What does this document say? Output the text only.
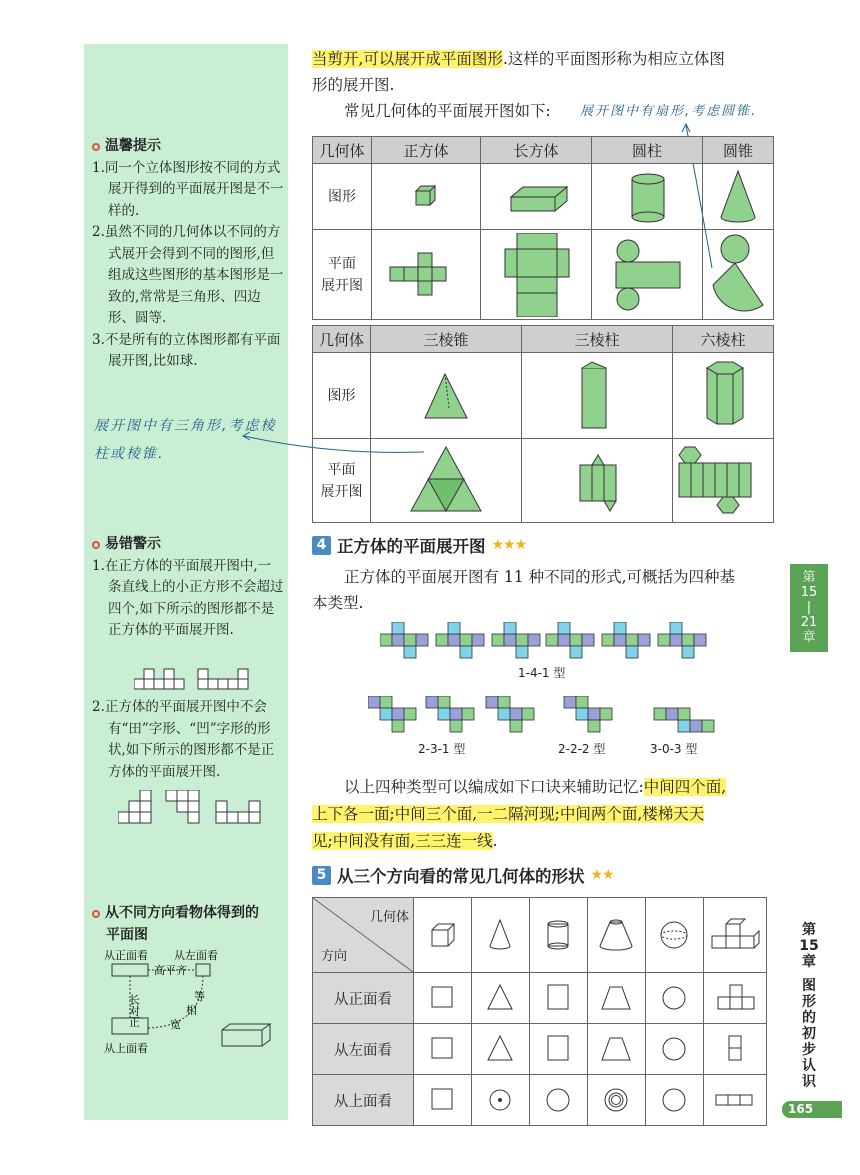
温馨提示
1.同一个立体图形按不同的方式展开得到的平面展开图是不一样的.
2.虽然不同的几何体以不同的方式展开会得到不同的图形,但组成这些图形的基本图形是一致的,常常是三角形、四边形、圆等.
3.不是所有的立体图形都有平面展开图,比如球.
展开图中有三角形,考虑棱柱或棱锥.
易错警示
1.在正方体的平面展开图中,一条直线上的小正方形不会超过四个,如下所示的图形都不是正方体的平面展开图.
2.正方体的平面展开图中不会有“田”字形、“凹”字形的形状,如下所示的图形都不是正方体的平面展开图.
从不同方向看物体得到的
平面图
从正面看 从左面看
高平齐
从上面看
长对正	等
相
宽
当剪开,可以展开成平面图形.这样的平面图形称为相应立体图
形的展开图.
常见几何体的平面展开图如下:	展开图中有扇形,考虑圆锥.
几何体	正方体	长方体	圆柱	圆锥
图形	

平面
展开图

几何体	三棱锥	三棱柱	六棱柱
图形	

平面
展开图

4 正方体的平面展开图 ★★★
正方体的平面展开图有 11 种不同的形式,可概括为四种基
本类型.
1-4-1 型
2-3-1 型	2-2-2 型	3-0-3 型
以上四种类型可以编成如下口诀来辅助记忆:中间四个面,
上下各一面;中间三个面,一二隔河现;中间两个面,楼梯天天
见;中间没有面,三三连一线.
5 从三个方向看的常见几何体的形状 ★★
几何体
方向

从正面看	

从左面看	

从上面看	

第
15
|
21
章
第
15
章
图
形
的
初
步
认
识
165
